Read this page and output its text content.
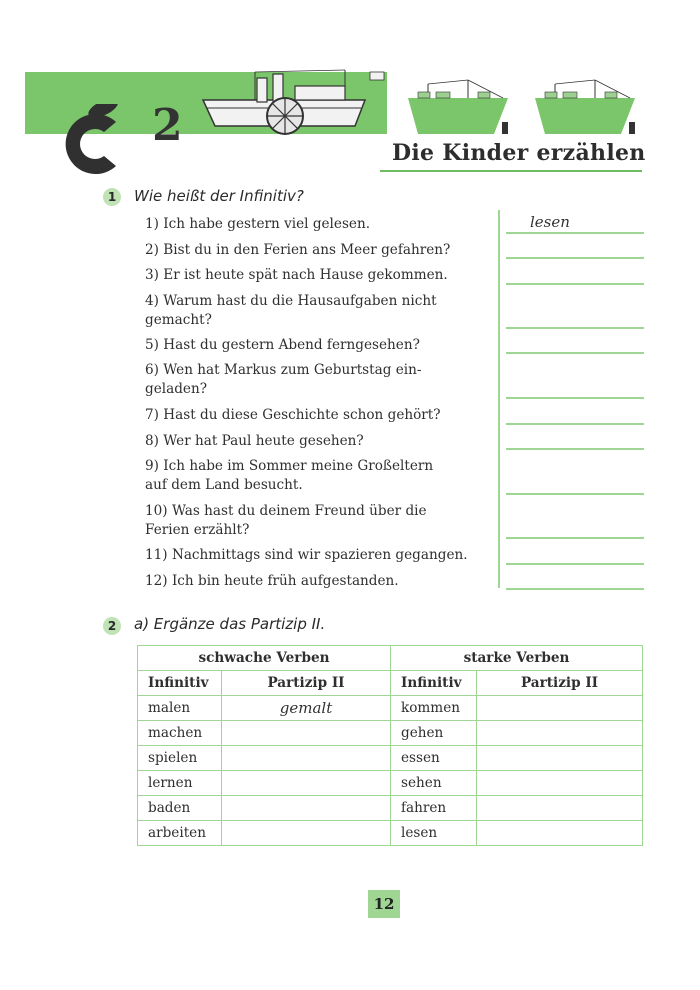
2
Die Kinder erzählen
1	Wie heißt der Infinitiv?
1) Ich habe gestern viel gelesen.
2) Bist du in den Ferien ans Meer gefahren?
3) Er ist heute spät nach Hause gekommen.
4) Warum hast du die Hausaufgaben nicht
gemacht?
5) Hast du gestern Abend ferngesehen?
6) Wen hat Markus zum Geburtstag ein-
geladen?
7) Hast du diese Geschichte schon gehört?
8) Wer hat Paul heute gesehen?
9) Ich habe im Sommer meine Großeltern
auf dem Land besucht.
10) Was hast du deinem Freund über die
Ferien erzählt?
11) Nachmittags sind wir spazieren gegangen.
12) Ich bin heute früh aufgestanden.
lesen
2	a) Ergänze das Partizip II.
schwache Verben		starke Verben	
Infinitiv	Partizip II	Infinitiv	Partizip II
malen	gemalt	kommen	
machen		gehen	
spielen		essen	
lernen		sehen	
baden		fahren	
arbeiten		lesen	
12
